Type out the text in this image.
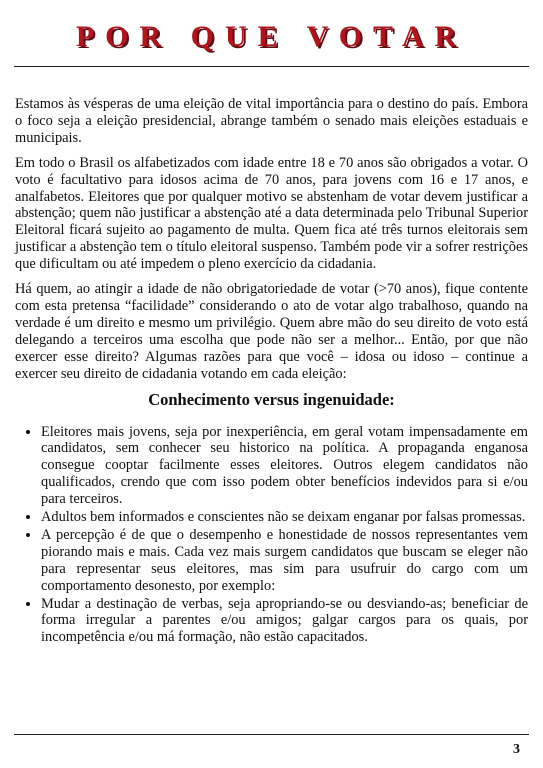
POR QUE VOTAR

Estamos às vésperas de uma eleição de vital importância para o destino do país. Embora o foco seja a eleição presidencial, abrange também o senado mais eleições estaduais e municipais.

Em todo o Brasil os alfabetizados com idade entre 18 e 70 anos são obrigados a votar. O voto é facultativo para idosos acima de 70 anos, para jovens com 16 e 17 anos, e analfabetos. Eleitores que por qualquer motivo se abstenham de votar devem justificar a abstenção; quem não justificar a abstenção até a data determinada pelo Tribunal Superior Eleitoral ficará sujeito ao pagamento de multa. Quem fica até três turnos eleitorais sem justificar a abstenção tem o título eleitoral suspenso. Também pode vir a sofrer restrições que dificultam ou até impedem o pleno exercício da cidadania.

Há quem, ao atingir a idade de não obrigatoriedade de votar (>70 anos), fique contente com esta pretensa “facilidade” considerando o ato de votar algo trabalhoso, quando na verdade é um direito e mesmo um privilégio. Quem abre mão do seu direito de voto está delegando a terceiros uma escolha que pode não ser a melhor... Então, por que não exercer esse direito? Algumas razões para que você – idosa ou idoso – continue a exercer seu direito de cidadania votando em cada eleição:

Conhecimento versus ingenuidade:
• Eleitores mais jovens, seja por inexperiência, em geral votam impensadamente em candidatos, sem conhecer seu historico na política. A propaganda enganosa consegue cooptar facilmente esses eleitores. Outros elegem candidatos não qualificados, crendo que com isso podem obter benefícios indevidos para si e/ou para terceiros.
• Adultos bem informados e conscientes não se deixam enganar por falsas promessas.
• A percepção é de que o desempenho e honestidade de nossos representantes vem piorando mais e mais. Cada vez mais surgem candidatos que buscam se eleger não para representar seus eleitores, mas sim para usufruir do cargo com um comportamento desonesto, por exemplo:
• Mudar a destinação de verbas, seja apropriando-se ou desviando-as; beneficiar de forma irregular a parentes e/ou amigos; galgar cargos para os quais, por incompetência e/ou má formação, não estão capacitados.
3
